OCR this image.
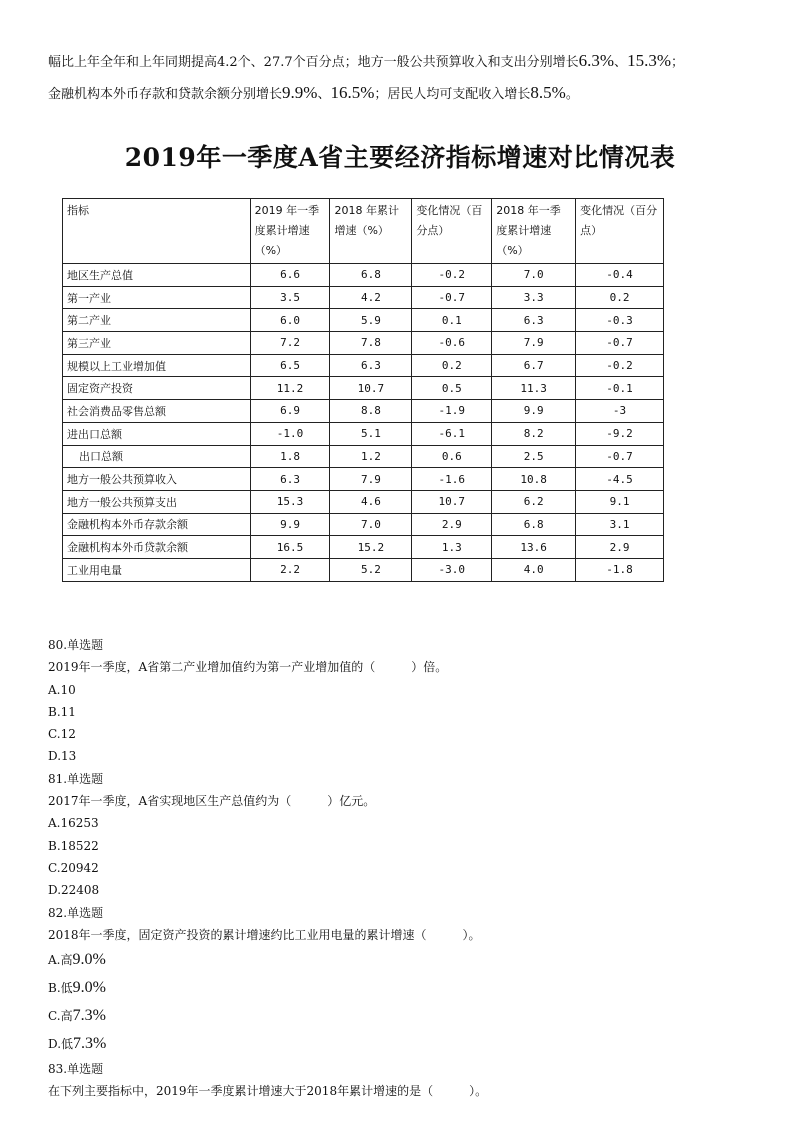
幅比上年全年和上年同期提高4.2个、27.7个百分点；地方一般公共预算收入和支出分别增长6.3%、15.3%；
金融机构本外币存款和贷款余额分别增长9.9%、16.5%；居民人均可支配收入增长8.5%。
2019年一季度A省主要经济指标增速对比情况表
指标	2019 年一季度累计增速（%）	2018 年累计增速（%）	变化情况（百分点）	2018 年一季度累计增速（%）	变化情况（百分点）
地区生产总值	6.6	6.8	-0.2	7.0	-0.4
第一产业	3.5	4.2	-0.7	3.3	0.2
第二产业	6.0	5.9	0.1	6.3	-0.3
第三产业	7.2	7.8	-0.6	7.9	-0.7
规模以上工业增加值	6.5	6.3	0.2	6.7	-0.2
固定资产投资	11.2	10.7	0.5	11.3	-0.1
社会消费品零售总额	6.9	8.8	-1.9	9.9	-3
进出口总额	-1.0	5.1	-6.1	8.2	-9.2
出口总额	1.8	1.2	0.6	2.5	-0.7
地方一般公共预算收入	6.3	7.9	-1.6	10.8	-4.5
地方一般公共预算支出	15.3	4.6	10.7	6.2	9.1
金融机构本外币存款余额	9.9	7.0	2.9	6.8	3.1
金融机构本外币贷款余额	16.5	15.2	1.3	13.6	2.9
工业用电量	2.2	5.2	-3.0	4.0	-1.8
80.单选题
2019年一季度，A省第二产业增加值约为第一产业增加值的（　　　）倍。
A.10
B.11
C.12
D.13
81.单选题
2017年一季度，A省实现地区生产总值约为（　　　）亿元。
A.16253
B.18522
C.20942
D.22408
82.单选题
2018年一季度，固定资产投资的累计增速约比工业用电量的累计增速（　　　）。
A.高9.0%
B.低9.0%
C.高7.3%
D.低7.3%
83.单选题
在下列主要指标中，2019年一季度累计增速大于2018年累计增速的是（　　　）。
